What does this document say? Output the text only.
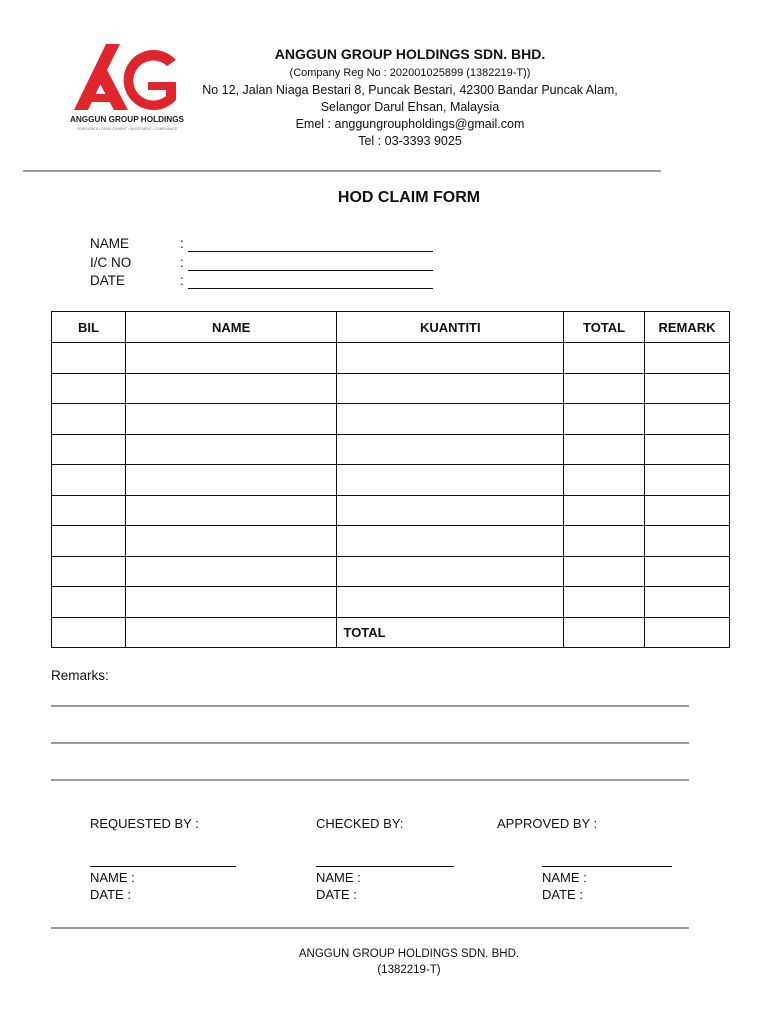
ANGGUN GROUP HOLDINGS
CORPORATE • DEVELOPMENT • INVESTMENT • COMPLIANCE
ANGGUN GROUP HOLDINGS SDN. BHD.
(Company Reg No : 202001025899 (1382219-T))
No 12, Jalan Niaga Bestari 8, Puncak Bestari, 42300 Bandar Puncak Alam,
Selangor Darul Ehsan, Malaysia
Emel : anggungroupholdings@gmail.com
Tel : 03-3393 9025
HOD CLAIM FORM
NAME	:
I/C NO	:
DATE	:
BIL	NAME	KUANTITI	TOTAL	REMARK

		TOTAL		
Remarks:
REQUESTED BY :	CHECKED BY:	APPROVED BY :
NAME :	NAME :	NAME :
DATE :	DATE :	DATE :
ANGGUN GROUP HOLDINGS SDN. BHD.
(1382219-T)
